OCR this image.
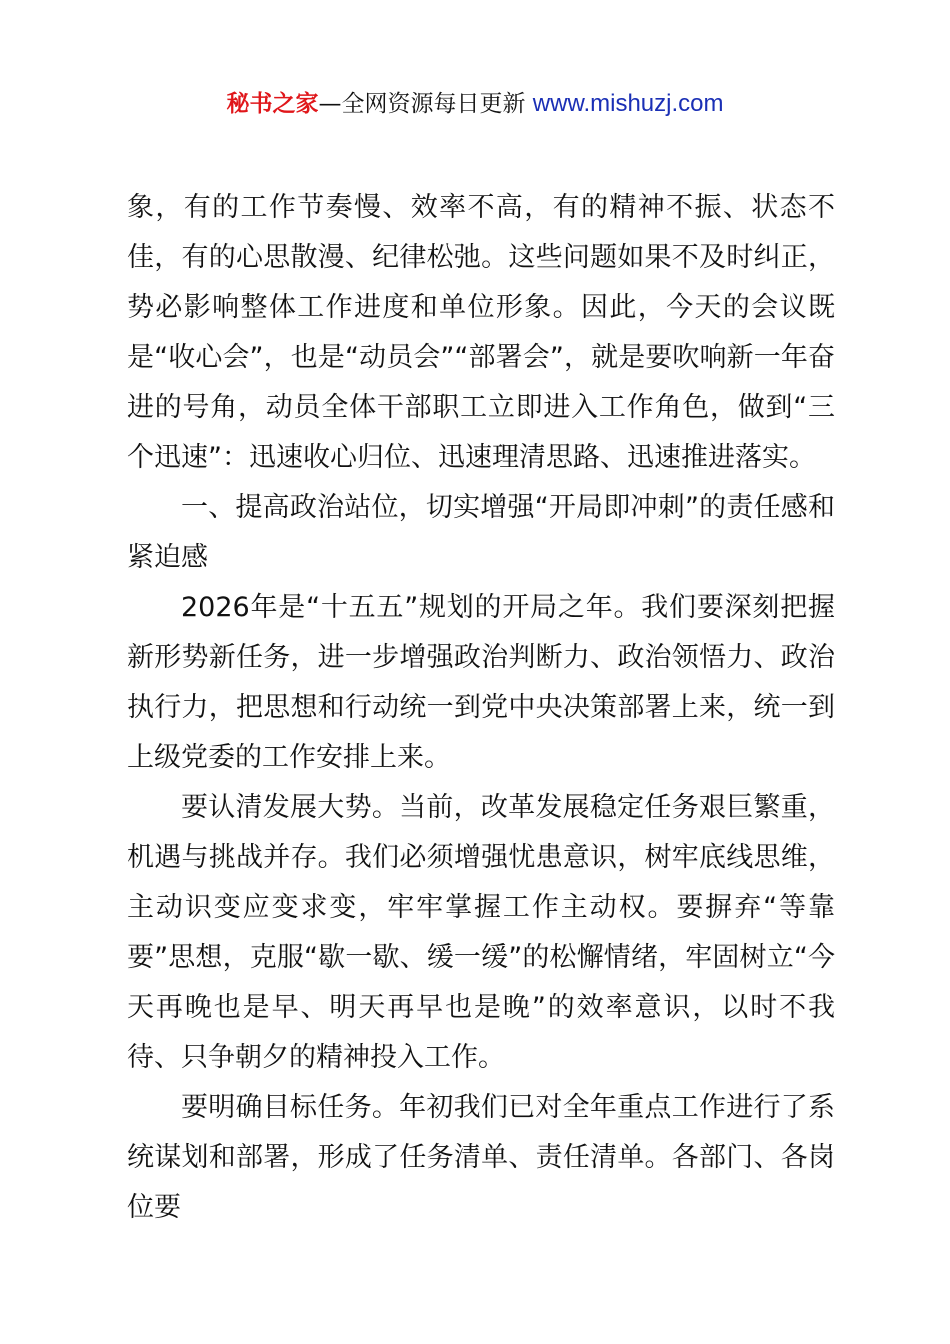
秘书之家—全网资源每日更新 www.mishuzj.com

象，有的工作节奏慢、效率不高，有的精神不振、状态不佳，有的心思散漫、纪律松弛。这些问题如果不及时纠正，势必影响整体工作进度和单位形象。因此，今天的会议既是“收心会”，也是“动员会”“部署会”，就是要吹响新一年奋进的号角，动员全体干部职工立即进入工作角色，做到“三个迅速”：迅速收心归位、迅速理清思路、迅速推进落实。

一、提高政治站位，切实增强“开局即冲刺”的责任感和紧迫感

2026年是“十五五”规划的开局之年。我们要深刻把握新形势新任务，进一步增强政治判断力、政治领悟力、政治执行力，把思想和行动统一到党中央决策部署上来，统一到上级党委的工作安排上来。

要认清发展大势。当前，改革发展稳定任务艰巨繁重，机遇与挑战并存。我们必须增强忧患意识，树牢底线思维，主动识变应变求变，牢牢掌握工作主动权。要摒弃“等靠要”思想，克服“歇一歇、缓一缓”的松懈情绪，牢固树立“今天再晚也是早、明天再早也是晚”的效率意识，以时不我待、只争朝夕的精神投入工作。

要明确目标任务。年初我们已对全年重点工作进行了系统谋划和部署，形成了任务清单、责任清单。各部门、各岗位要
